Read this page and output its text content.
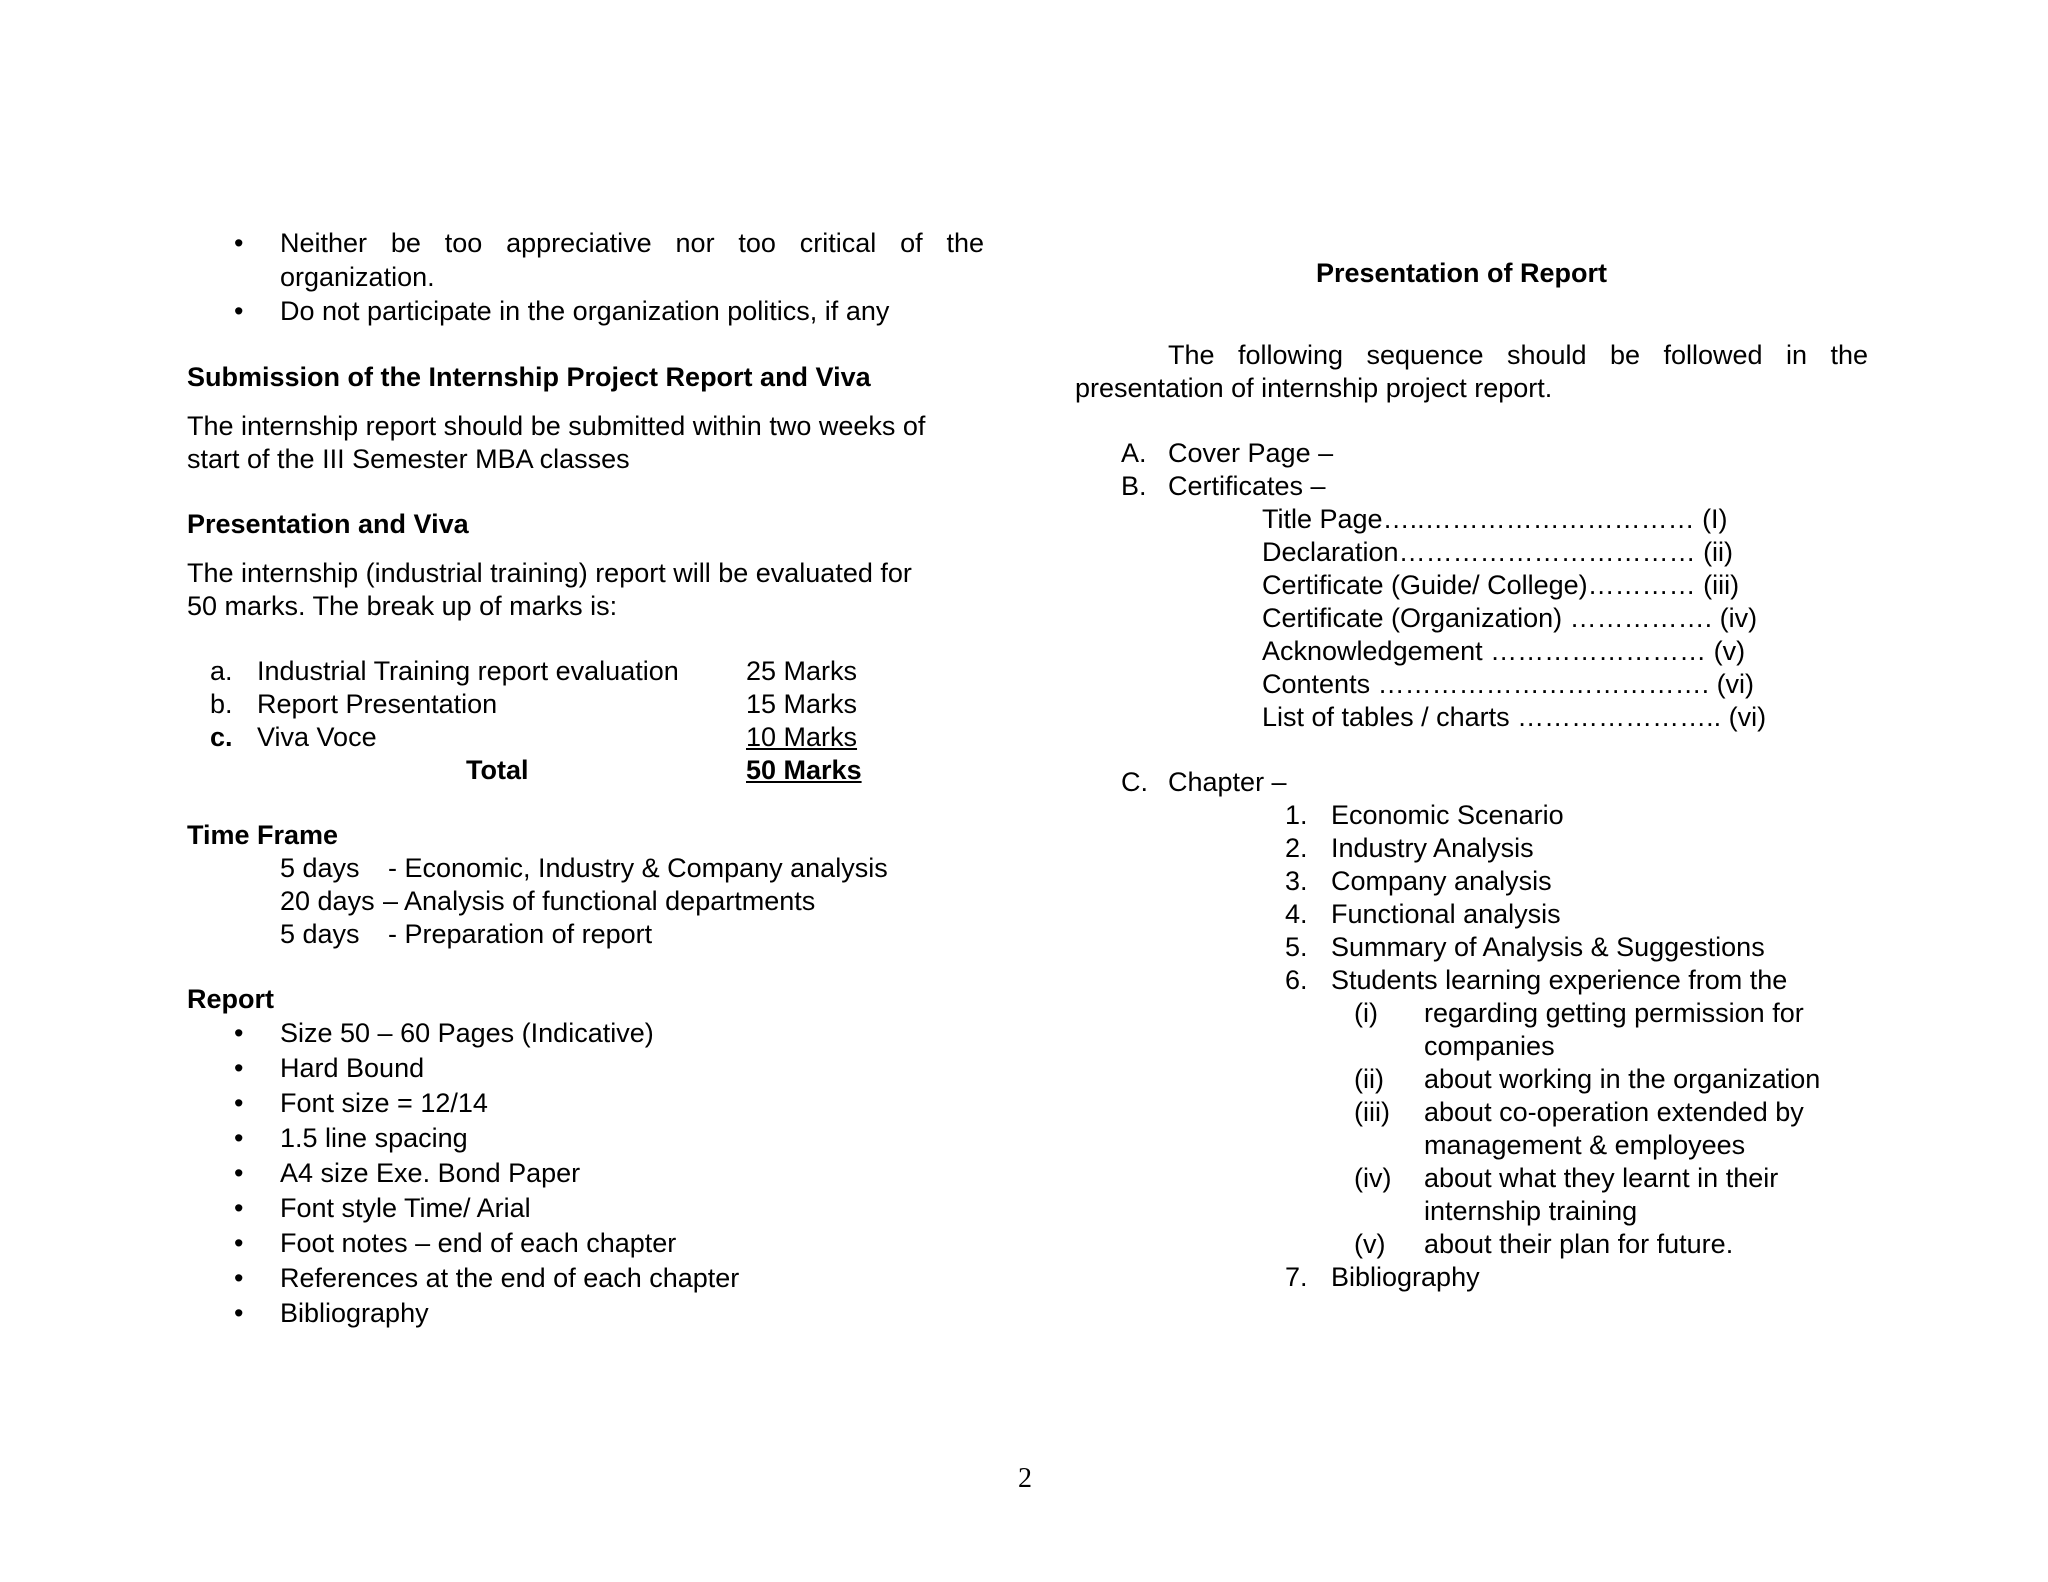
• Neither be too appreciative nor too critical of the
organization.
• Do not participate in the organization politics, if any
Submission of the Internship Project Report and Viva
The internship report should be submitted within two weeks of
start of the III Semester MBA classes
Presentation and Viva
The internship (industrial training) report will be evaluated for
50 marks. The break up of marks is:
a. Industrial Training report evaluation 25 Marks
b. Report Presentation	15 Marks
c. Viva Voce	10 Marks
Total	50 Marks
Time Frame
5 days - Economic, Industry & Company analysis
20 days – Analysis of functional departments
5 days - Preparation of report
Report
• Size 50 – 60 Pages (Indicative)
• Hard Bound
• Font size = 12/14
• 1.5 line spacing
• A4 size Exe. Bond Paper
• Font style Time/ Arial
• Foot notes – end of each chapter
• References at the end of each chapter
• Bibliography
Presentation of Report
The following sequence should be followed in the
presentation of internship project report.
A. Cover Page –
B. Certificates –
Title Page…..………………………… (I)
Declaration…………………………… (ii)
Certificate (Guide/ College)………… (iii)
Certificate (Organization) ……………. (iv)
Acknowledgement …………………… (v)
Contents ………………………………. (vi)
List of tables / charts ………………….. (vi)
C. Chapter –
1. Economic Scenario
2. Industry Analysis
3. Company analysis
4. Functional analysis
5. Summary of Analysis & Suggestions
6. Students learning experience from the
(i) regarding getting permission for
companies
(ii) about working in the organization
(iii) about co-operation extended by
management & employees
(iv) about what they learnt in their
internship training
(v) about their plan for future.
7. Bibliography
2
